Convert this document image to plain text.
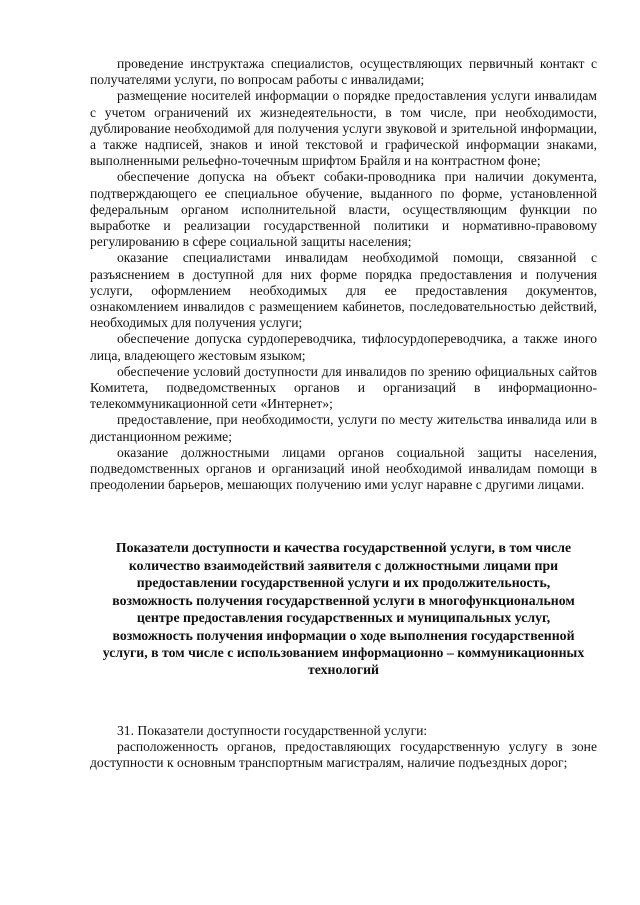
проведение инструктажа специалистов, осуществляющих первичный контакт с получателями услуги, по вопросам работы с инвалидами;

размещение носителей информации о порядке предоставления услуги инвалидам с учетом ограничений их жизнедеятельности, в том числе, при необходимости, дублирование необходимой для получения услуги звуковой и зрительной информации, а также надписей, знаков и иной текстовой и графической информации знаками, выполненными рельефно-точечным шрифтом Брайля и на контрастном фоне;

обеспечение допуска на объект собаки-проводника при наличии документа, подтверждающего ее специальное обучение, выданного по форме, установленной федеральным органом исполнительной власти, осуществляющим функции по выработке и реализации государственной политики и нормативно-правовому регулированию в сфере социальной защиты населения;

оказание специалистами инвалидам необходимой помощи, связанной с разъяснением в доступной для них форме порядка предоставления и получения услуги, оформлением необходимых для ее предоставления документов, ознакомлением инвалидов с размещением кабинетов, последовательностью действий, необходимых для получения услуги;

обеспечение допуска сурдопереводчика, тифлосурдопереводчика, а также иного лица, владеющего жестовым языком;

обеспечение условий доступности для инвалидов по зрению официальных сайтов Комитета, подведомственных органов и организаций в информационно-телекоммуникационной сети «Интернет»;

предоставление, при необходимости, услуги по месту жительства инвалида или в дистанционном режиме;

оказание должностными лицами органов социальной защиты населения, подведомственных органов и организаций иной необходимой инвалидам помощи в преодолении барьеров, мешающих получению ими услуг наравне с другими лицами.

Показатели доступности и качества государственной услуги, в том числе количество взаимодействий заявителя с должностными лицами при предоставлении государственной услуги и их продолжительность, возможность получения государственной услуги в многофункциональном центре предоставления государственных и муниципальных услуг, возможность получения информации о ходе выполнения государственной услуги, в том числе с использованием информационно – коммуникационных технологий

31. Показатели доступности государственной услуги:

расположенность органов, предоставляющих государственную услугу в зоне доступности к основным транспортным магистралям, наличие подъездных дорог;
